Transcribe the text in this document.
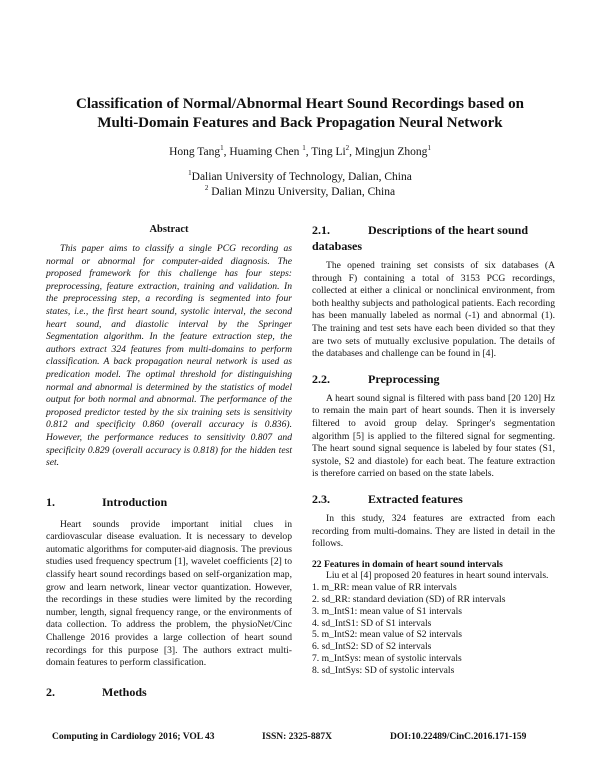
Classification of Normal/Abnormal Heart Sound Recordings based on
Multi-Domain Features and Back Propagation Neural Network
Hong Tang$^1$, Huaming Chen $^1$, Ting Li$^2$, Mingjun Zhong$^1$
$^1$Dalian University of Technology, Dalian, China
$^2$ Dalian Minzu University, Dalian, China
Abstract

This paper aims to classify a single PCG recording as normal or abnormal for computer-aided diagnosis. The proposed framework for this challenge has four steps: preprocessing, feature extraction, training and validation. In the preprocessing step, a recording is segmented into four states, i.e., the first heart sound, systolic interval, the second heart sound, and diastolic interval by the Springer Segmentation algorithm. In the feature extraction step, the authors extract 324 features from multi-domains to perform classification. A back propagation neural network is used as predication model. The optimal threshold for distinguishing normal and abnormal is determined by the statistics of model output for both normal and abnormal. The performance of the proposed predictor tested by the six training sets is sensitivity 0.812 and specificity 0.860 (overall accuracy is 0.836). However, the performance reduces to sensitivity 0.807 and specificity 0.829 (overall accuracy is 0.818) for the hidden test set.

1.	Introduction

Heart sounds provide important initial clues in cardiovascular disease evaluation. It is necessary to develop automatic algorithms for computer-aid diagnosis. The previous studies used frequency spectrum [1], wavelet coefficients [2] to classify heart sound recordings based on self-organization map, grow and learn network, linear vector quantization. However, the recordings in these studies were limited by the recording number, length, signal frequency range, or the environments of data collection. To address the problem, the physioNet/Cinc Challenge 2016 provides a large collection of heart sound recordings for this purpose [3]. The authors extract multi-domain features to perform classification.

2.	Methods
2.1.	Descriptions of the heart sound databases

The opened training set consists of six databases (A through F) containing a total of 3153 PCG recordings, collected at either a clinical or nonclinical environment, from both healthy subjects and pathological patients. Each recording has been manually labeled as normal (-1) and abnormal (1). The training and test sets have each been divided so that they are two sets of mutually exclusive population. The details of the databases and challenge can be found in [4].

2.2.	Preprocessing

A heart sound signal is filtered with pass band [20 120] Hz to remain the main part of heart sounds. Then it is inversely filtered to avoid group delay. Springer's segmentation algorithm [5] is applied to the filtered signal for segmenting. The heart sound signal sequence is labeled by four states (S1, systole, S2 and diastole) for each beat. The feature extraction is therefore carried on based on the state labels.

2.3.	Extracted features

In this study, 324 features are extracted from each recording from multi-domains. They are listed in detail in the follows.

22 Features in domain of heart sound intervals

Liu et al [4] proposed 20 features in heart sound intervals.

1. m_RR: mean value of RR intervals
2. sd_RR: standard deviation (SD) of RR intervals
3. m_IntS1: mean value of S1 intervals
4. sd_IntS1: SD of S1 intervals
5. m_IntS2: mean value of S2 intervals
6. sd_IntS2: SD of S2 intervals
7. m_IntSys: mean of systolic intervals
8. sd_IntSys: SD of systolic intervals
Computing in Cardiology 2016; VOL 43	ISSN: 2325-887X	DOI:10.22489/CinC.2016.171-159
